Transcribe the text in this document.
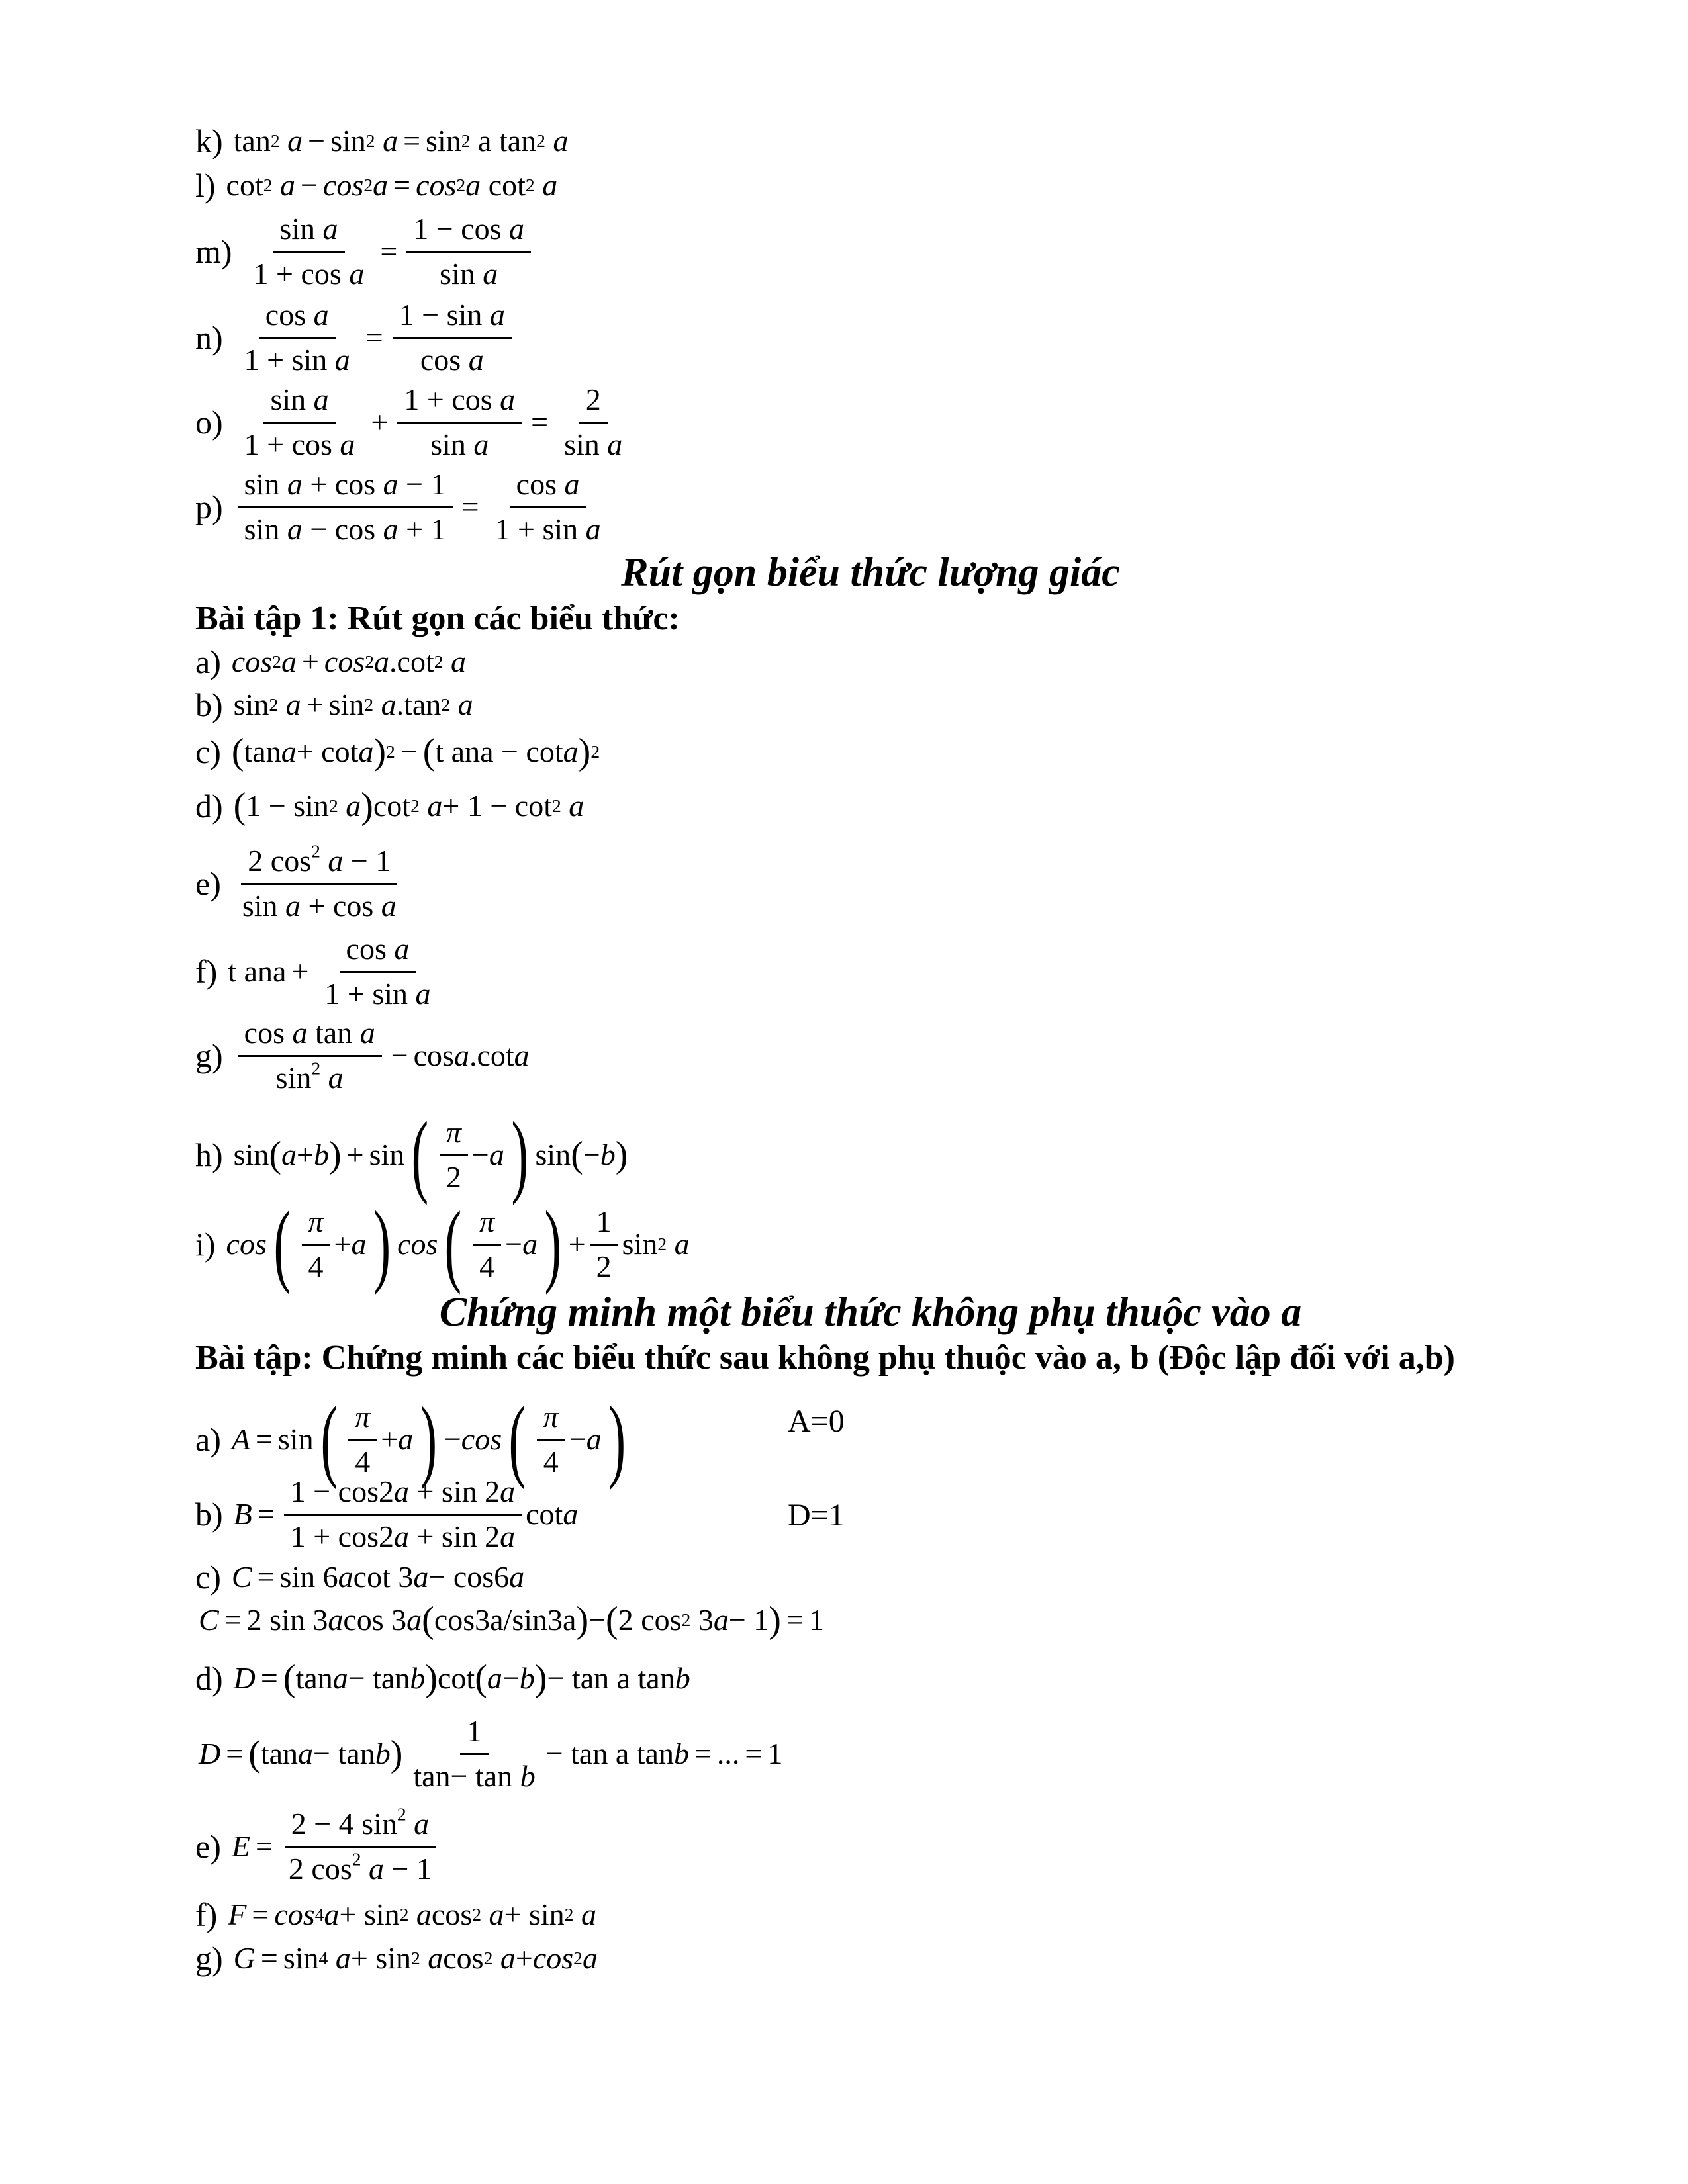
k) tan 2
a − sin 2
a = sin 2 a tan 2
a
l) cot 2
a − cos 2 a = cos 2 a cot 2
a
$m) \frac{\text{sin a}}{\text{1 + cos a}} = \frac{\text{1 − cos a}}{\text{sin a}}$
$n) \frac{\text{cos a}}{\text{1 + sin a}} = \frac{\text{1 − sin a}}{\text{cos a}}$
$o) \frac{\text{sin a}}{\text{1 + cos a}} + \frac{\text{1 + cos a}}{\text{sin a}} = \frac{2}{\text{sin a}}$
$p) \frac{\text{sin a + cos a − 1}}{\text{sin a − cos a + 1}} = \frac{\text{cos a}}{\text{1 + sin a}}$
Rút gọn biểu thức lượng giác
Bài tập 1: Rút gọn các biểu thức:
a) cos 2 a + cos 2 a .cot 2
a
b) sin 2
a + sin 2
a .tan 2
a
c) ( tan a + cot a ) 2 − ( t ana − cot a ) 2
d) ( 1 − sin 2
a ) cot 2
a + 1 − cot 2
a
$e) \frac{2 \cos^2 a - 1}{\text{sin a + cos a}}$
f) t ana + $\frac{\text{cos a}}{\text{1 + sin a}}$
$g) \frac{\text{cos a tan a}}{\sin^2 a} - \cos a$ .cot a
h) sin ( a + b ) + sin ( $\frac{\pi}{2} - a$ ) sin ( − b )
i) cos ( $\frac{\pi}{4} + a$ ) cos ( $\frac{\pi}{4} - a$ ) + $\frac{1}{2}$ sin 2
a
Chứng minh một biểu thức không phụ thuộc vào a
Bài tập: Chứng minh các biểu thức sau không phụ thuộc vào a, b (Độc lập đối với a,b)
a) A = sin ( $\frac{\pi}{4} + a$ ) − cos ( $\frac{\pi}{4} - a$ )	A=0
b) $B = \frac{1 - \cos 2a + \sin 2a}{1 + \cos 2a + \sin 2a}$ cot a	D=1
c) C = sin 6 a cot 3 a − cos6 a
C = 2 sin 3 a cos 3 a ( cos3a/sin3a ) − ( 2 cos 2 3 a − 1 ) = 1
d) D = ( tan a − tan b ) cot ( a − b ) − tan a tan b
D = ( tan a − tan b ) $\frac{1}{\text{tan− tan b}} - \tan a$ tan b = ... = 1
e) $E = \frac{2 - 4 \sin^2 a}{2 \cos^2 a - 1}$
f) F = cos 4 a + sin 2
a cos 2
a + sin 2
a
g) G = sin 4
a + sin 2
a cos 2
a + cos 2 a
